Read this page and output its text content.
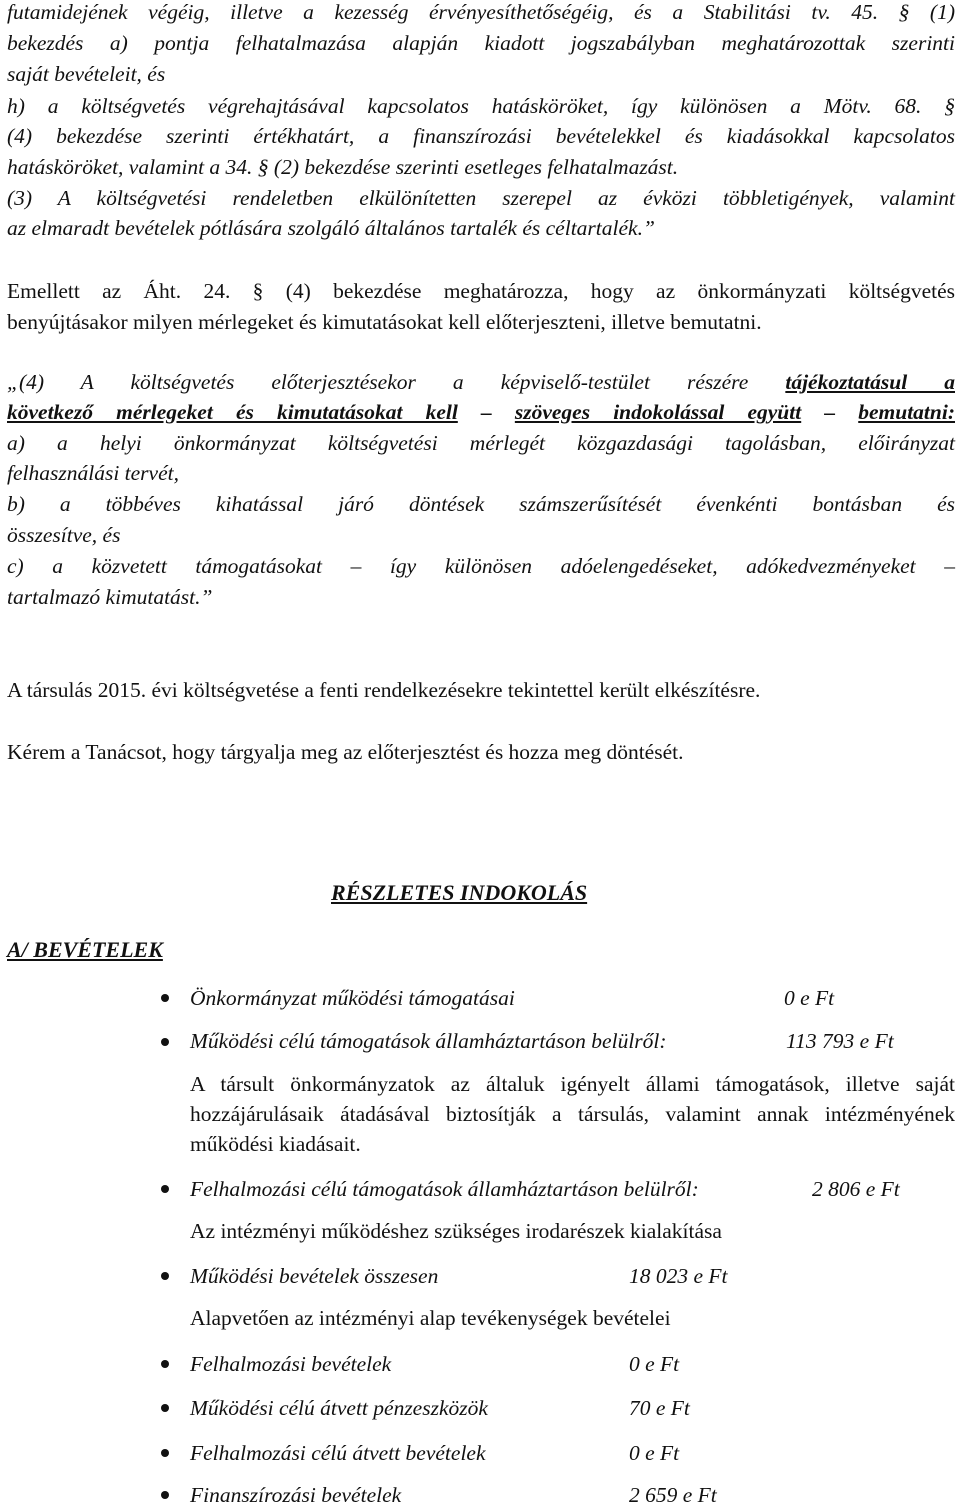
futamidejének végéig, illetve a kezesség érvényesíthetőségéig, és a Stabilitási tv. 45. § (1)
bekezdés a) pontja felhatalmazása alapján kiadott jogszabályban meghatározottak szerinti
saját bevételeit, és
h) a költségvetés végrehajtásával kapcsolatos hatásköröket, így különösen a Mötv. 68. §
(4) bekezdése szerinti értékhatárt, a finanszírozási bevételekkel és kiadásokkal kapcsolatos
hatásköröket, valamint a 34. § (2) bekezdése szerinti esetleges felhatalmazást.
(3) A költségvetési rendeletben elkülönítetten szerepel az évközi többletigények, valamint
az elmaradt bevételek pótlására szolgáló általános tartalék és céltartalék.”
Emellett az Áht. 24. § (4) bekezdése meghatározza, hogy az önkormányzati költségvetés
benyújtásakor milyen mérlegeket és kimutatásokat kell előterjeszteni, illetve bemutatni.
„(4) A költségvetés előterjesztésekor a képviselő-testület részére tájékoztatásul a
következő mérlegeket és kimutatásokat kell – szöveges indokolással együtt – bemutatni:
a) a helyi önkormányzat költségvetési mérlegét közgazdasági tagolásban, előirányzat
felhasználási tervét,
b) a többéves kihatással járó döntések számszerűsítését évenkénti bontásban és
összesítve, és
c) a közvetett támogatásokat – így különösen adóelengedéseket, adókedvezményeket –
tartalmazó kimutatást.”
A társulás 2015. évi költségvetése a fenti rendelkezésekre tekintettel került elkészítésre.
Kérem a Tanácsot, hogy tárgyalja meg az előterjesztést és hozza meg döntését.
RÉSZLETES INDOKOLÁS
A/ BEVÉTELEK
Önkormányzat működési támogatásai	0 e Ft
Működési célú támogatások államháztartáson belülről:	113 793 e Ft
A társult önkormányzatok az általuk igényelt állami támogatások, illetve saját hozzájárulásaik átadásával biztosítják a társulás, valamint annak intézményének működési kiadásait.
Felhalmozási célú támogatások államháztartáson belülről:	2 806 e Ft
Az intézményi működéshez szükséges irodarészek kialakítása
Működési bevételek összesen	18 023 e Ft
Alapvetően az intézményi alap tevékenységek bevételei
Felhalmozási bevételek	0 e Ft
Működési célú átvett pénzeszközök	70 e Ft
Felhalmozási célú átvett bevételek	0 e Ft
Finanszírozási bevételek	2 659 e Ft
